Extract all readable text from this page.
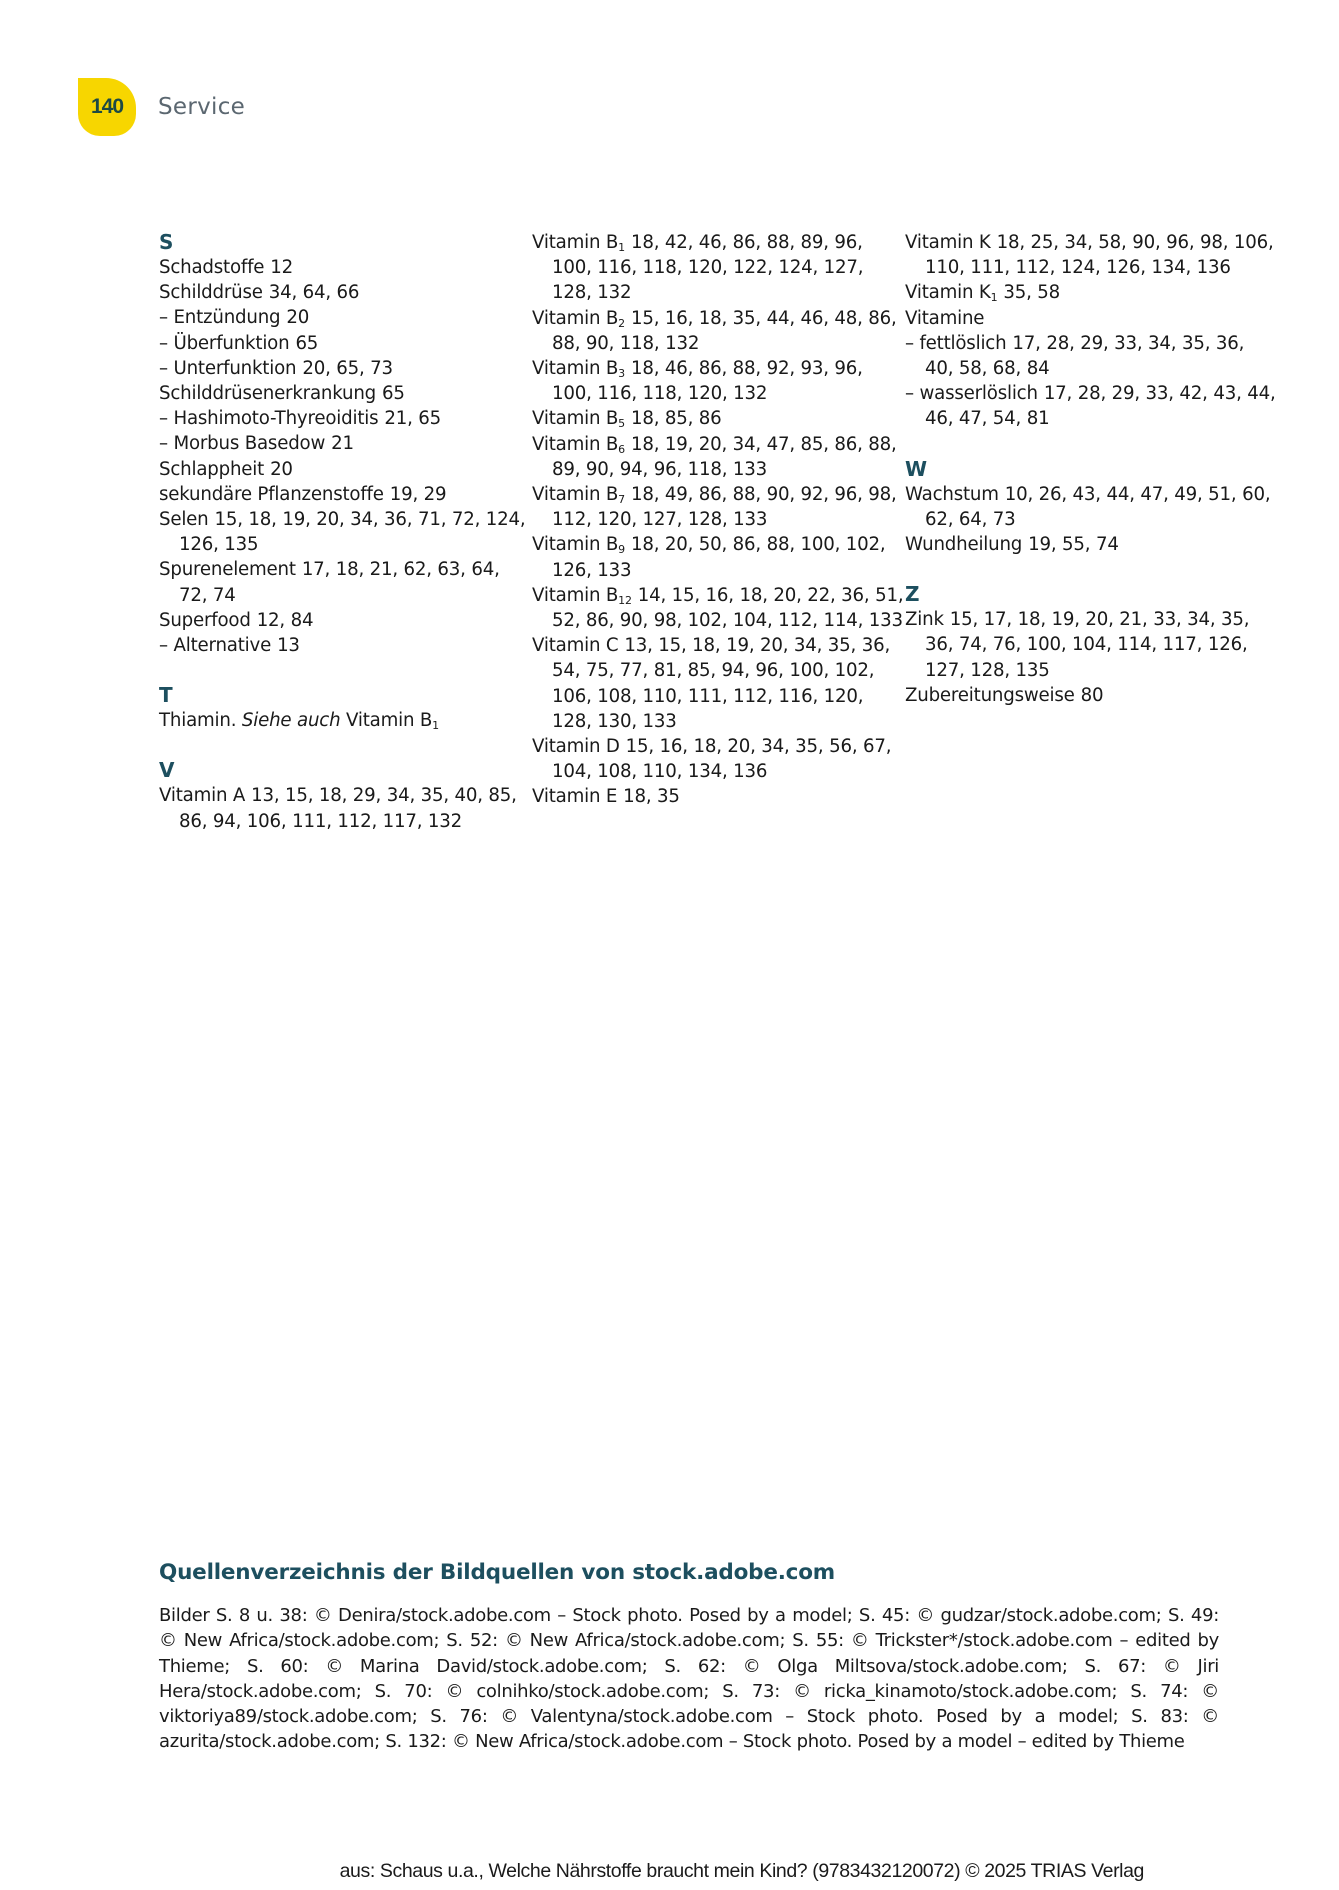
140	Service
S
Schadstoffe 12
Schilddrüse 34, 64, 66
– Entzündung 20
– Überfunktion 65
– Unterfunktion 20, 65, 73
Schilddrüsenerkrankung 65
– Hashimoto-Thyreoiditis 21, 65
– Morbus Basedow 21
Schlappheit 20
sekundäre Pflanzenstoffe 19, 29
Selen 15, 18, 19, 20, 34, 36, 71, 72, 124, 126, 135
Spurenelement 17, 18, 21, 62, 63, 64, 72, 74
Superfood 12, 84
– Alternative 13
T
Thiamin. Siehe auch Vitamin $B_1$
V
Vitamin A 13, 15, 18, 29, 34, 35, 40, 85, 86, 94, 106, 111, 112, 117, 132
Vitamin $B_1$ 18, 42, 46, 86, 88, 89, 96, 100, 116, 118, 120, 122, 124, 127, 128, 132
Vitamin $B_2$ 15, 16, 18, 35, 44, 46, 48, 86, 88, 90, 118, 132
Vitamin $B_3$ 18, 46, 86, 88, 92, 93, 96, 100, 116, 118, 120, 132
Vitamin $B_5$ 18, 85, 86
Vitamin $B_6$ 18, 19, 20, 34, 47, 85, 86, 88, 89, 90, 94, 96, 118, 133
Vitamin $B_7$ 18, 49, 86, 88, 90, 92, 96, 98, 112, 120, 127, 128, 133
Vitamin $B_9$ 18, 20, 50, 86, 88, 100, 102, 126, 133
Vitamin $B_{12}$ 14, 15, 16, 18, 20, 22, 36, 51, 52, 86, 90, 98, 102, 104, 112, 114, 133
Vitamin C 13, 15, 18, 19, 20, 34, 35, 36, 54, 75, 77, 81, 85, 94, 96, 100, 102, 106, 108, 110, 111, 112, 116, 120, 128, 130, 133
Vitamin D 15, 16, 18, 20, 34, 35, 56, 67, 104, 108, 110, 134, 136
Vitamin E 18, 35
Vitamin K 18, 25, 34, 58, 90, 96, 98, 106, 110, 111, 112, 124, 126, 134, 136
Vitamin $K_1$ 35, 58
Vitamine
– fettlöslich 17, 28, 29, 33, 34, 35, 36, 40, 58, 68, 84
– wasserlöslich 17, 28, 29, 33, 42, 43, 44, 46, 47, 54, 81
W
Wachstum 10, 26, 43, 44, 47, 49, 51, 60, 62, 64, 73
Wundheilung 19, 55, 74
Z
Zink 15, 17, 18, 19, 20, 21, 33, 34, 35, 36, 74, 76, 100, 104, 114, 117, 126, 127, 128, 135
Zubereitungsweise 80
Quellenverzeichnis der Bildquellen von stock.adobe.com
Bilder S. 8 u. 38: © Denira/stock.adobe.com – Stock photo. Posed by a model; S. 45: © gudzar/stock.adobe.com; S. 49: © New Africa/stock.adobe.com; S. 52: © New Africa/stock.adobe.com; S. 55: © Trickster*/stock.adobe.com – edited by Thieme; S. 60: © Marina David/stock.adobe.com; S. 62: © Olga Miltsova/stock.adobe.com; S. 67: © Jiri Hera/stock.adobe.com; S. 70: © colnihko/stock.adobe.com; S. 73: © ricka_kinamoto/stock.adobe.com; S. 74: © viktoriya89/stock.adobe.com; S. 76: © Valentyna/stock.adobe.com – Stock photo. Posed by a model; S. 83: © azurita/stock.adobe.com; S. 132: © New Africa/stock.adobe.com – Stock photo. Posed by a model – edited by Thieme
aus: Schaus u.a., Welche Nährstoffe braucht mein Kind? (9783432120072) © 2025 TRIAS Verlag
